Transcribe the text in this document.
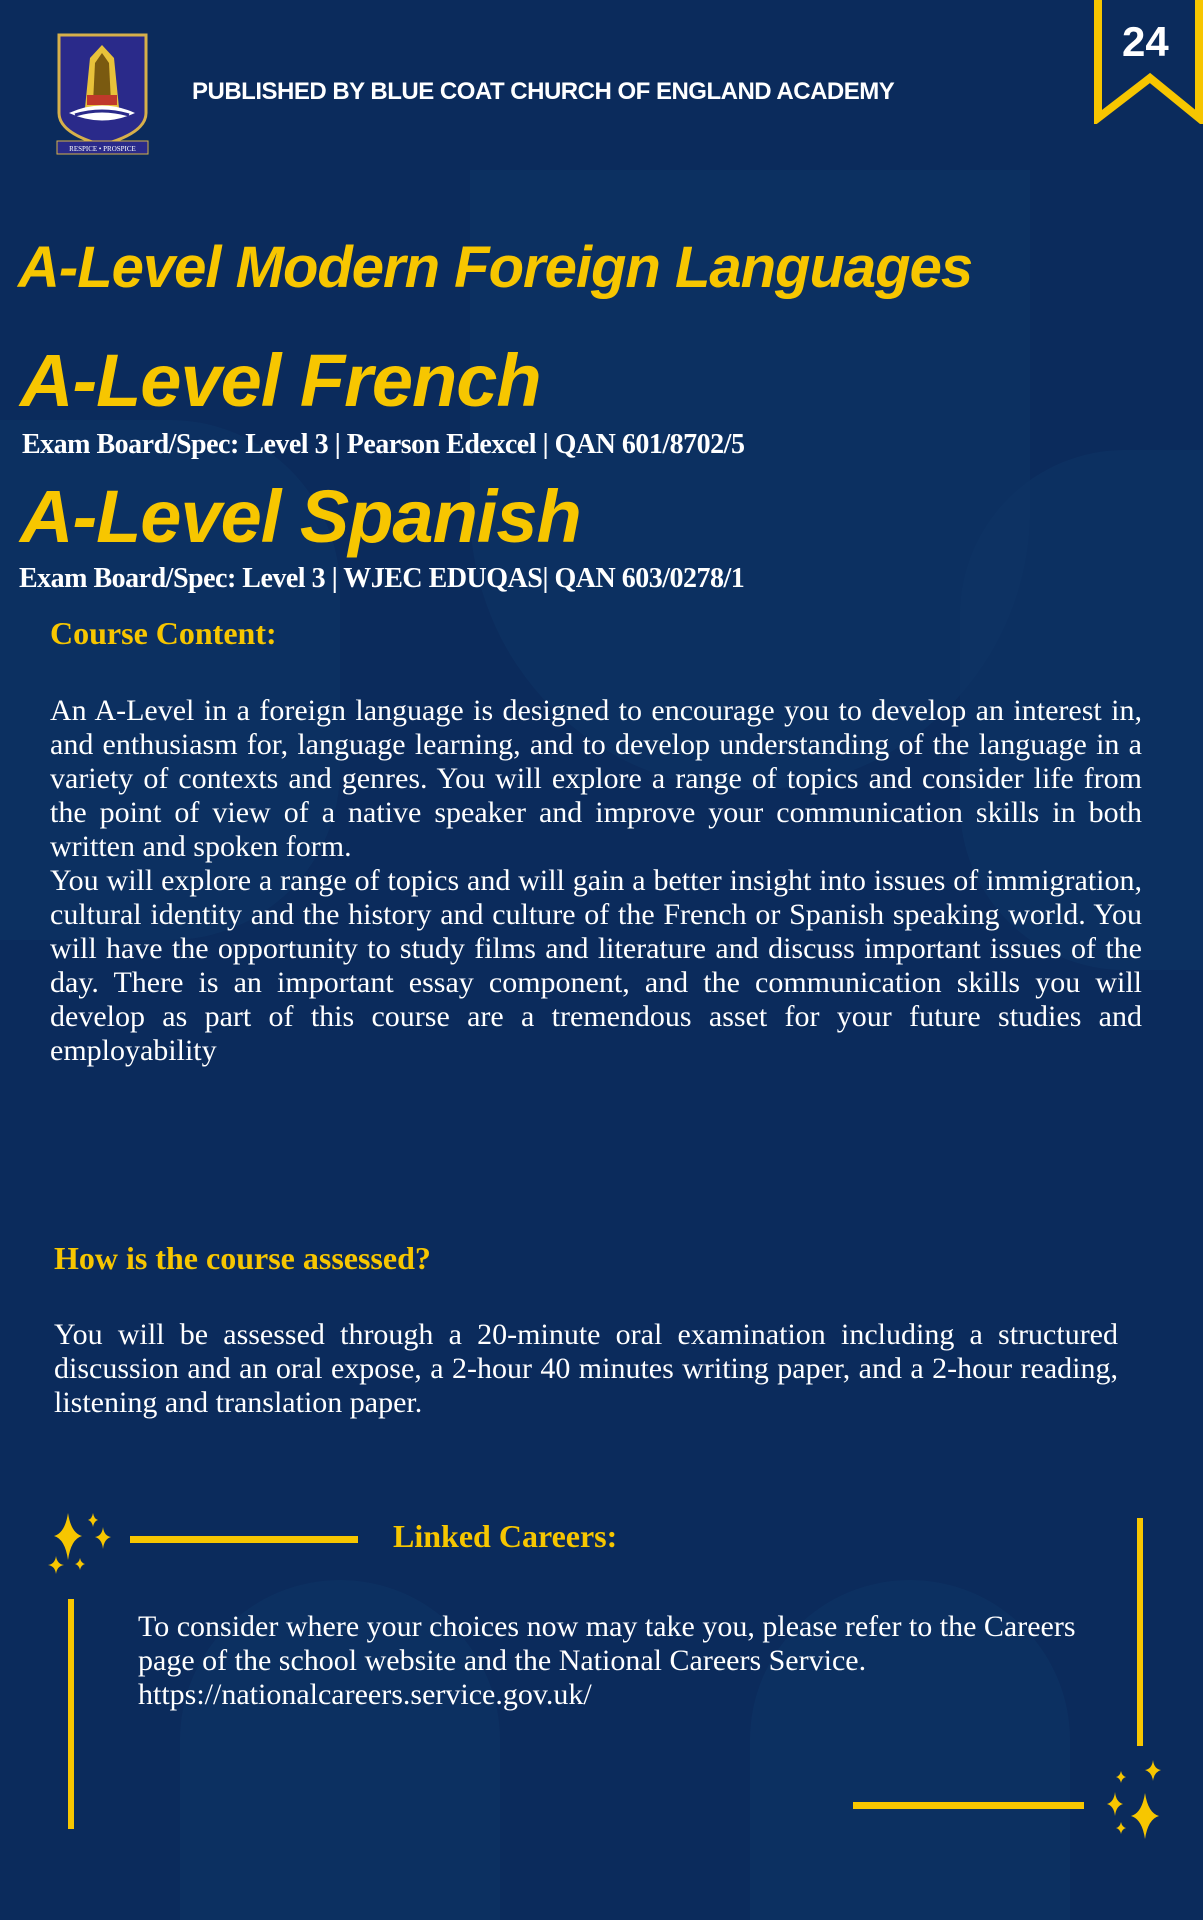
RESPICE • PROSPICE
PUBLISHED BY BLUE COAT CHURCH OF ENGLAND ACADEMY
24
A-Level Modern Foreign Languages
A-Level French
Exam Board/Spec: Level 3 | Pearson Edexcel | QAN 601/8702/5
A-Level Spanish
Exam Board/Spec: Level 3 | WJEC EDUQAS| QAN 603/0278/1
Course Content:
An A-Level in a foreign language is designed to encourage you to develop an interest in, and enthusiasm for, language learning, and to develop understanding of the language in a variety of contexts and genres. You will explore a range of topics and consider life from the point of view of a native speaker and improve your communication skills in both written and spoken form.
You will explore a range of topics and will gain a better insight into issues of immigration, cultural identity and the history and culture of the French or Spanish speaking world. You will have the opportunity to study films and literature and discuss important issues of the day. There is an important essay component, and the communication skills you will develop as part of this course are a tremendous asset for your future studies and employability
How is the course assessed?
You will be assessed through a 20-minute oral examination including a structured discussion and an oral expose, a 2-hour 40 minutes writing paper, and a 2-hour reading, listening and translation paper.
Linked Careers:
To consider where your choices now may take you, please refer to the Careers page of the school website and the National Careers Service. https://nationalcareers.service.gov.uk/
